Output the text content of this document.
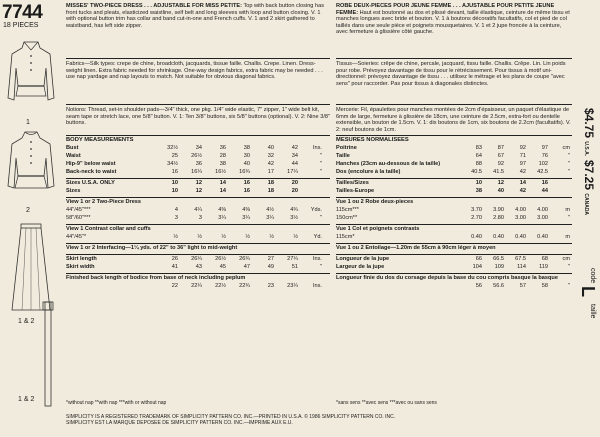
7744
18 PIECES
1
2
1 & 2
1 & 2
MISSES' TWO-PIECE DRESS . . . ADJUSTABLE FOR MISS PETITE: Top with back button closing has front tucks and pleats, elasticized waistline, self belt and long sleeves with loop and button closing. V. 1 with optional button trim has collar and band cut-in-one and French cuffs. V. 1 and 2 skirt gathered to waistband, has left side zipper.
Fabrics—Silk types: crepe de chine, broadcloth, jacquards, tissue faille. Challis. Crepe. Linen. Dress-weight linen. Extra fabric needed for shrinkage. One-way design fabrics, extra fabric may be needed . . . use nap yardage and nap layouts to match. Not suitable for obvious diagonal fabrics.
Notions: Thread, set-in shoulder pads—3/4" thick, one pkg. 1/4" wide elastic, 7" zipper, 1" wide belt kit, seam tape or stretch lace, one 5/8" button. V. 1: Ten 3/8" buttons, six 5/8" buttons (optional). V. 2: Nine 3/8" buttons.
BODY MEASUREMENTS
Bust	32½	34	36	38	40	42	Ins.
Waist	25	26½	28	30	32	34	"
Hip-9" below waist	34½	36	38	40	42	44	"
Back-neck to waist	16	16¼	16½	16¾	17	17¼	"
Sizes U.S.A. ONLY	10	12	14	16	18	20
Sizes	10	12	14	16	18	20
View 1 or 2 Two-Piece Dress
44"/45"***	4	4¼	4⅜	4⅜	4½	4¾	Yds.
58"/60"***	3	3	3¼	3¼	3¼	3½	"
View 1 Contrast collar and cuffs
44"/45"*	½	½	½	½	½	½	Yd.
View 1 or 2 Interfacing—1¼ yds. of 22" to 36" light to mid-weight
Skirt length	26	26¼	26½	26¾	27	27¼	Ins.
Skirt width	41	43	45	47	49	51	"
Finished back length of bodice from base of neck including peplum
22	22¼	22½	22¾	23	23¼	Ins.
*without nap **with nap ***with or without nap
ROBE DEUX-PIECES POUR JEUNE FEMME . . . AJUSTABLE POUR PETITE JEUNE FEMME: Haut est boutonné au dos et plissé devant, taille élastique, ceinture de même tissu et manches longues avec bride et bouton. V. 1 à boutons décoratifs facultatifs, col et pied de col taillés dans une seule pièce et poignets mousquetaires. V. 1 et 2 jupe froncée à la ceinture, avec fermeture à glissière côté gauche.
Tissus—Soieries: crêpe de chine, percale, jacquard, tissu faille. Challis. Crêpe. Lin. Lin poids pour robe. Prévoyez davantage de tissu pour le rétrécissement. Pour tissus à motif uni-directionnel: prévoyez davantage de tissu . . . utilisez le métrage et les plans de coupe "avec sens" pour raccorder. Pas pour tissus à diagonales distinctes.
Mercerie: Fil, épaulettes pour manches montées de 2cm d'épaisseur, un paquet d'élastique de 6mm de large, fermeture à glissière de 18cm, une ceinture de 2.5cm, extra-fort ou dentelle extensible, un bouton de 1.5cm. V. 1: dix boutons de 1cm, six boutons de 2.2cm (facultatifs). V. 2: neuf boutons de 1cm.
MESURES NORMALISEES
Poitrine	83	87	92	97	cm
Taille	64	67	71	76	"
Hanches (23cm au-dessous de la taille)	88	92	97	102	"
Dos (encolure à la taille)	40.5	41.5	42	42.5	"
Tailles/Sizes	10	12	14	16
Tailles-Europe	38	40	42	44
Vue 1 ou 2 Robe deux-pieces
115cm***	3.70	3.90	4.00	4.00	m
150cm**	2.70	2.80	3.00	3.00	"
Vue 1 Col et poignets contrasts
115cm*	0.40	0.40	0.40	0.40	m
Vue 1 ou 2 Entoilage—1.20m de 55cm à 90cm léger à moyen
Longueur de la jupe	66	66.5	67.5	68	cm
Largeur de la jupe	104	109	114	119	"
Longueur finie du dos du corsage depuis la base du cou compris basque la basque
56	56.6	57	58	"
*sans sens **avec sens ***avec ou sans sens
$4.75 U.S.A.
$7.25 CANADA
code
L
taille
SIMPLICITY IS A REGISTERED TRADEMARK OF SIMPLICITY PATTERN CO. INC.—PRINTED IN U.S.A. © 1986 SIMPLICITY PATTERN CO. INC.
SIMPLICITY EST LA MARQUE DEPOSEE DE SIMPLICITY PATTERN CO. INC.—IMPRIME AUX E.U.
